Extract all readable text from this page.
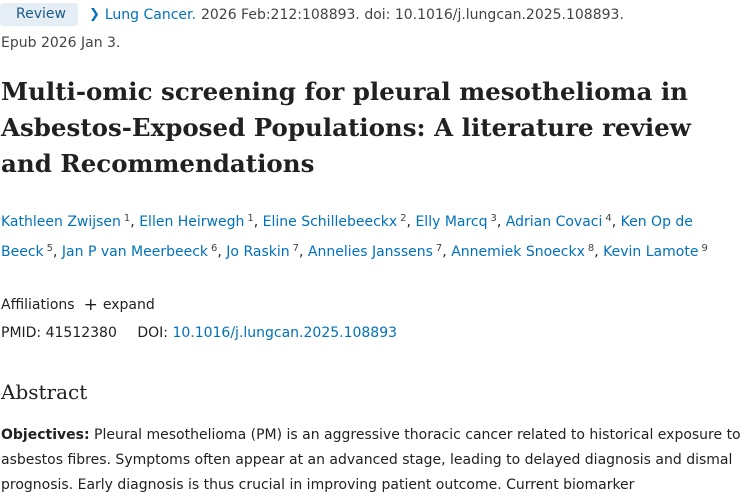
Review	❯ Lung Cancer. 2026 Feb:212:108893. doi: 10.1016/j.lungcan.2025.108893.
Epub 2026 Jan 3.
Multi-omic screening for pleural mesothelioma in Asbestos-Exposed Populations: A literature review and Recommendations
Kathleen Zwijsen $^1$, Ellen Heirwegh $^1$, Eline Schillebeeckx $^2$, Elly Marcq $^3$, Adrian Covaci $^4$, Ken Op de Beeck $^5$, Jan P van Meerbeeck $^6$, Jo Raskin $^7$, Annelies Janssens $^7$, Annemiek Snoeckx $^8$, Kevin Lamote $^9$
Affiliations + expand
PMID: 41512380 DOI: 10.1016/j.lungcan.2025.108893
Abstract
Objectives: Pleural mesothelioma (PM) is an aggressive thoracic cancer related to historical exposure to asbestos fibres. Symptoms often appear at an advanced stage, leading to delayed diagnosis and dismal prognosis. Early diagnosis is thus crucial in improving patient outcome. Current biomarker
